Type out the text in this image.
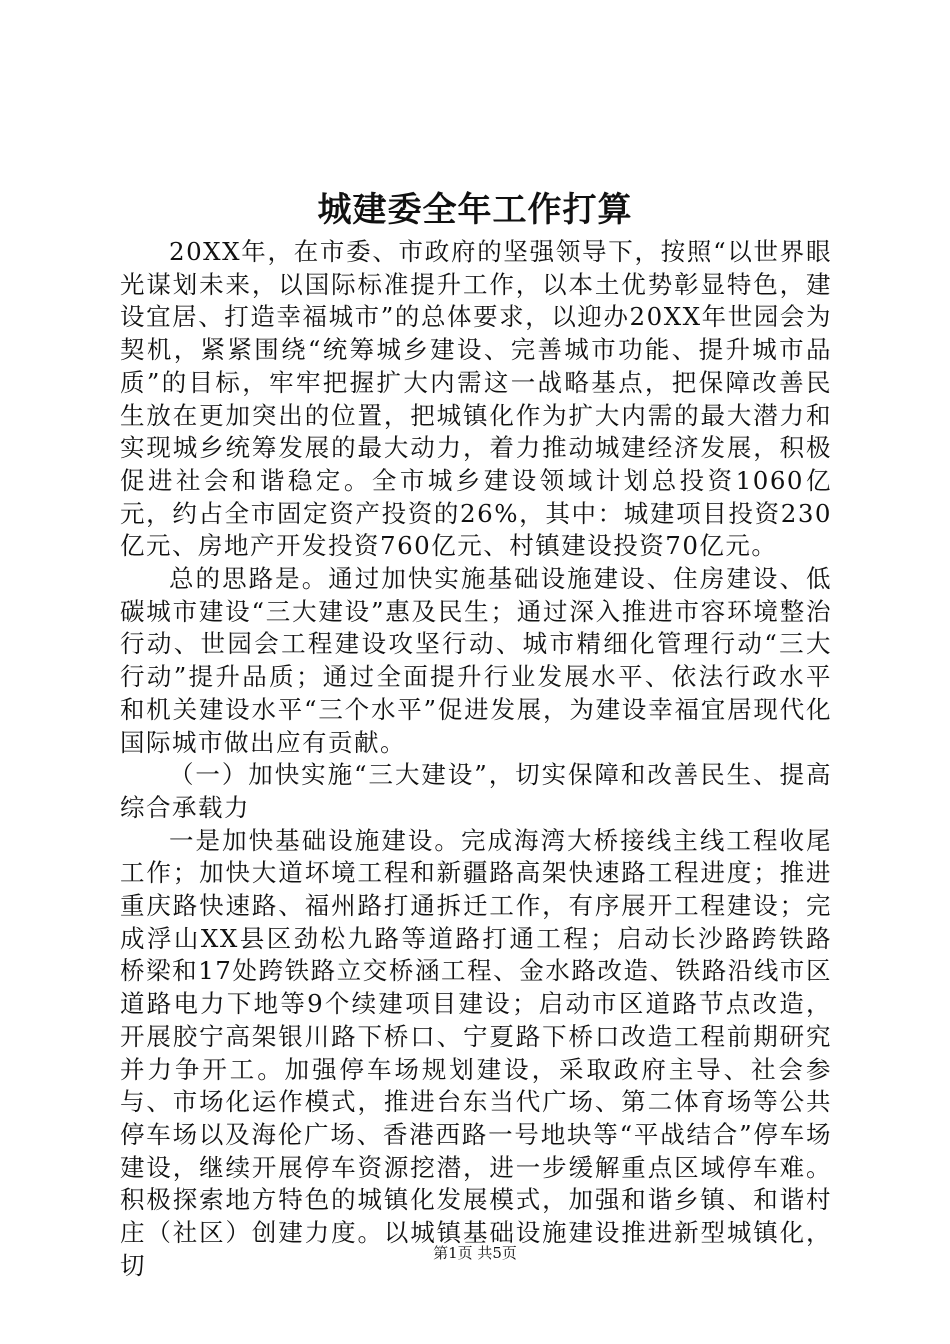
城建委全年工作打算

20XX年，在市委、市政府的坚强领导下，按照“以世界眼光谋划未来，以国际标准提升工作，以本土优势彰显特色，建设宜居、打造幸福城市”的总体要求，以迎办20XX年世园会为契机，紧紧围绕“统筹城乡建设、完善城市功能、提升城市品质”的目标，牢牢把握扩大内需这一战略基点，把保障改善民生放在更加突出的位置，把城镇化作为扩大内需的最大潜力和实现城乡统筹发展的最大动力，着力推动城建经济发展，积极促进社会和谐稳定。全市城乡建设领域计划总投资1060亿元，约占全市固定资产投资的26%，其中：城建项目投资230亿元、房地产开发投资760亿元、村镇建设投资70亿元。

总的思路是。通过加快实施基础设施建设、住房建设、低碳城市建设“三大建设”惠及民生；通过深入推进市容环境整治行动、世园会工程建设攻坚行动、城市精细化管理行动“三大行动”提升品质；通过全面提升行业发展水平、依法行政水平和机关建设水平“三个水平”促进发展，为建设幸福宜居现代化国际城市做出应有贡献。

（一）加快实施“三大建设”，切实保障和改善民生、提高综合承载力

一是加快基础设施建设。完成海湾大桥接线主线工程收尾工作；加快大道坏境工程和新疆路高架快速路工程进度；推进重庆路快速路、福州路打通拆迁工作，有序展开工程建设；完成浮山XX县区劲松九路等道路打通工程；启动长沙路跨铁路桥梁和17处跨铁路立交桥涵工程、金水路改造、铁路沿线市区道路电力下地等9个续建项目建设；启动市区道路节点改造，开展胶宁高架银川路下桥口、宁夏路下桥口改造工程前期研究并力争开工。加强停车场规划建设，采取政府主导、社会参与、市场化运作模式，推进台东当代广场、第二体育场等公共停车场以及海伦广场、香港西路一号地块等“平战结合”停车场建设，继续开展停车资源挖潜，进一步缓解重点区域停车难。积极探索地方特色的城镇化发展模式，加强和谐乡镇、和谐村庄（社区）创建力度。以城镇基础设施建设推进新型城镇化，切	第1页 共5页
